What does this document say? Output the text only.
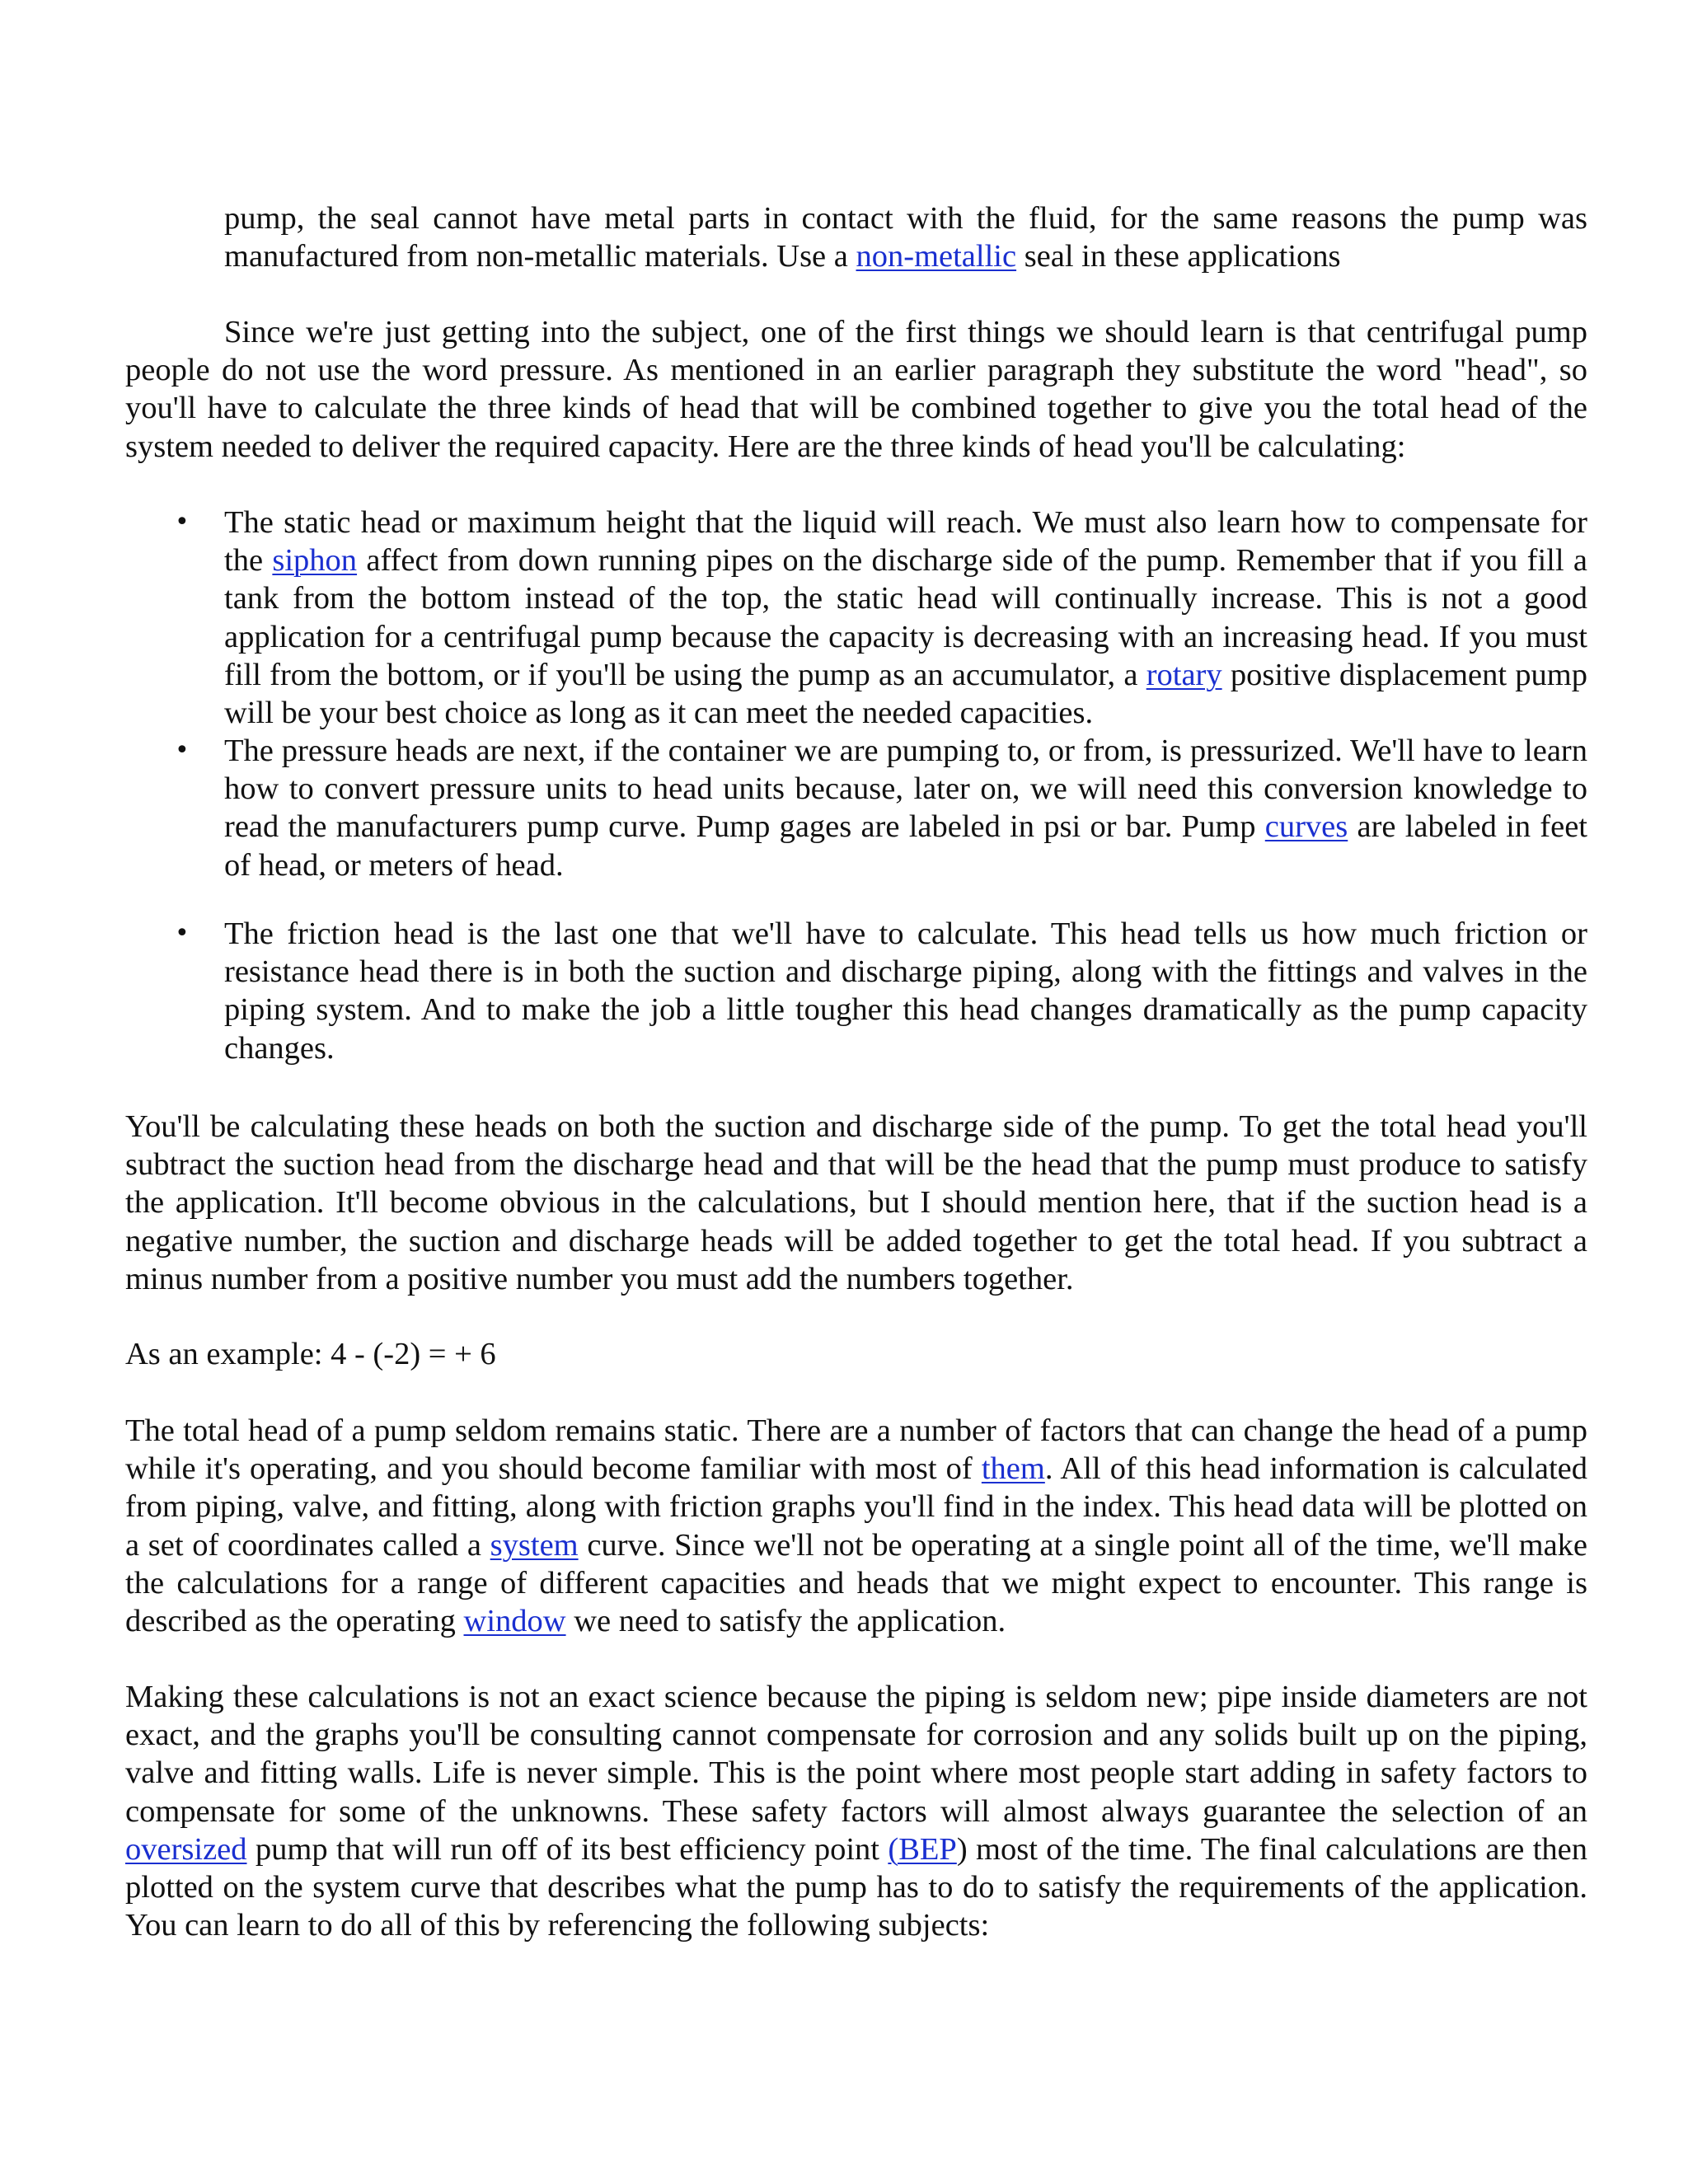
pump, the seal cannot have metal parts in contact with the fluid, for the same reasons the pump was manufactured from non-metallic materials. Use a non-metallic seal in these applications

Since we're just getting into the subject, one of the first things we should learn is that centrifugal pump people do not use the word pressure. As mentioned in an earlier paragraph they substitute the word "head", so you'll have to calculate the three kinds of head that will be combined together to give you the total head of the system needed to deliver the required capacity. Here are the three kinds of head you'll be calculating:

• The static head or maximum height that the liquid will reach. We must also learn how to compensate for the siphon affect from down running pipes on the discharge side of the pump. Remember that if you fill a tank from the bottom instead of the top, the static head will continually increase. This is not a good application for a centrifugal pump because the capacity is decreasing with an increasing head. If you must fill from the bottom, or if you'll be using the pump as an accumulator, a rotary positive displacement pump will be your best choice as long as it can meet the needed capacities.

• The pressure heads are next, if the container we are pumping to, or from, is pressurized. We'll have to learn how to convert pressure units to head units because, later on, we will need this conversion knowledge to read the manufacturers pump curve. Pump gages are labeled in psi or bar. Pump curves are labeled in feet of head, or meters of head.

• The friction head is the last one that we'll have to calculate. This head tells us how much friction or resistance head there is in both the suction and discharge piping, along with the fittings and valves in the piping system. And to make the job a little tougher this head changes dramatically as the pump capacity changes.

You'll be calculating these heads on both the suction and discharge side of the pump. To get the total head you'll subtract the suction head from the discharge head and that will be the head that the pump must produce to satisfy the application. It'll become obvious in the calculations, but I should mention here, that if the suction head is a negative number, the suction and discharge heads will be added together to get the total head. If you subtract a minus number from a positive number you must add the numbers together.

As an example: 4 - (-2) = + 6

The total head of a pump seldom remains static. There are a number of factors that can change the head of a pump while it's operating, and you should become familiar with most of them. All of this head information is calculated from piping, valve, and fitting, along with friction graphs you'll find in the index. This head data will be plotted on a set of coordinates called a system curve. Since we'll not be operating at a single point all of the time, we'll make the calculations for a range of different capacities and heads that we might expect to encounter. This range is described as the operating window we need to satisfy the application.

Making these calculations is not an exact science because the piping is seldom new; pipe inside diameters are not exact, and the graphs you'll be consulting cannot compensate for corrosion and any solids built up on the piping, valve and fitting walls. Life is never simple. This is the point where most people start adding in safety factors to compensate for some of the unknowns. These safety factors will almost always guarantee the selection of an oversized pump that will run off of its best efficiency point (BEP) most of the time. The final calculations are then plotted on the system curve that describes what the pump has to do to satisfy the requirements of the application. You can learn to do all of this by referencing the following subjects:
